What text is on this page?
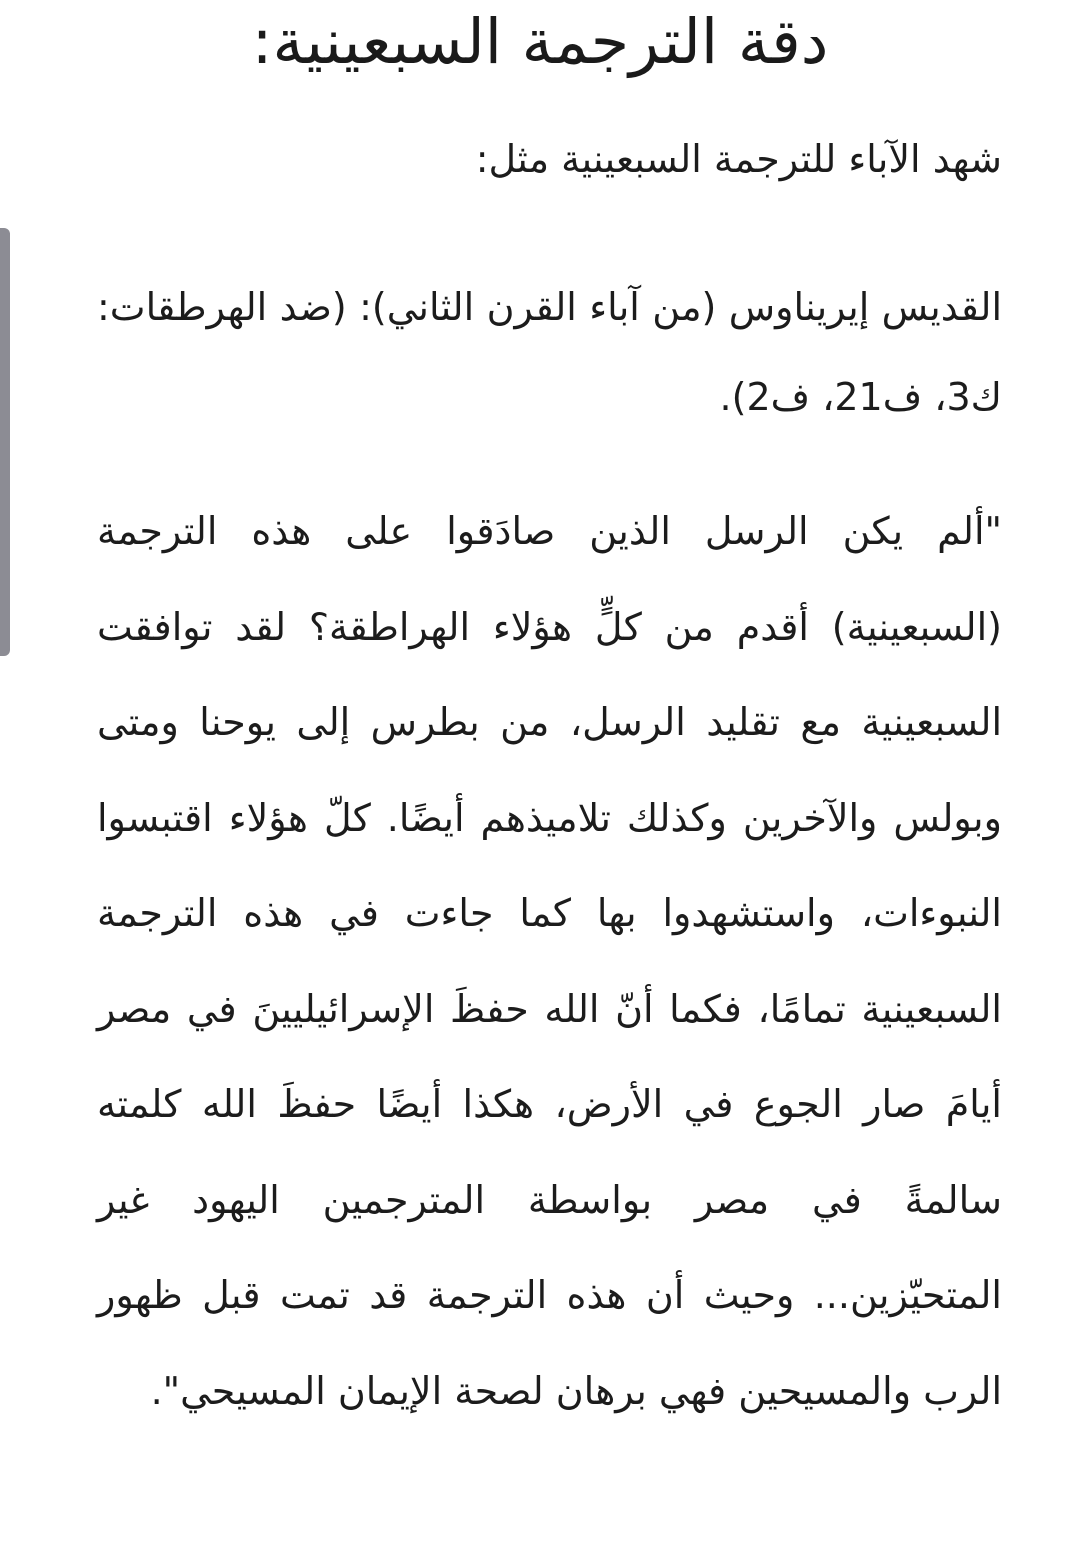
دقة الترجمة السبعينية:

شهد الآباء للترجمة السبعينية مثل:

القديس إيريناوس (من آباء القرن الثاني): (ضد الهرطقات: ك3، ف21، ف2).

"ألم يكن الرسل الذين صادَقوا على هذه الترجمة (السبعينية) أقدم من كلٍّ هؤلاء الهراطقة؟ لقد توافقت السبعينية مع تقليد الرسل، من بطرس إلى يوحنا ومتى وبولس والآخرين وكذلك تلاميذهم أيضًا. كلّ هؤلاء اقتبسوا النبوءات، واستشهدوا بها كما جاءت في هذه الترجمة السبعينية تمامًا، فكما أنّ الله حفظَ الإسرائيليينَ في مصر أيامَ صار الجوع في الأرض، هكذا أيضًا حفظَ الله كلمته سالمةً في مصر بواسطة المترجمين اليهود غير المتحيّزين... وحيث أن هذه الترجمة قد تمت قبل ظهور الرب والمسيحين فهي برهان لصحة الإيمان المسيحي".
